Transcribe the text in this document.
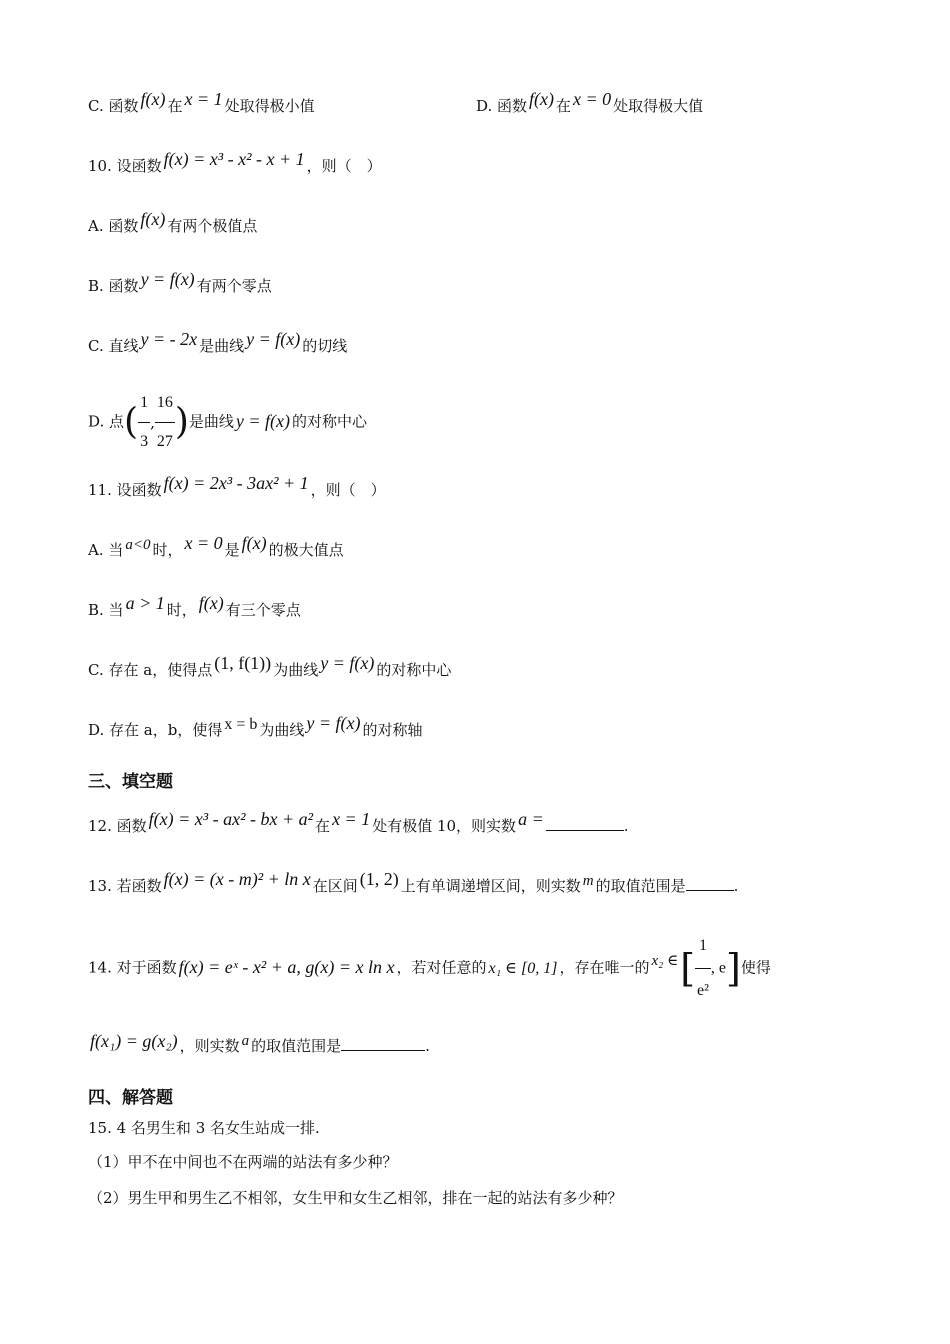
C. 函数 f(x) 在 x = 1 处取得极小值	D. 函数 f(x) 在 x = 0 处取得极大值
10. 设函数 f(x) = x³ - x² - x + 1 ，则（　）
A. 函数 f(x) 有两个极值点
B. 函数 y = f(x) 有两个零点
C. 直线 y = - 2x 是曲线 y = f(x) 的切线
D. 点( $\frac{1}{3}$ , $\frac{16}{27}$ )是曲线 y = f(x) 的对称中心
11. 设函数 f(x) = 2x³ - 3ax² + 1 ，则（　）
A. 当 a<0 时， x = 0 是 f(x) 的极大值点
B. 当 a > 1 时， f(x) 有三个零点
C. 存在 a，使得点 (1, f(1)) 为曲线 y = f(x) 的对称中心
D. 存在 a，b，使得 x = b 为曲线 y = f(x) 的对称轴
三、填空题
12. 函数 f(x) = x³ - ax² - bx + a² 在 x = 1 处有极值 10，则实数 a =	.
13. 若函数 f(x) = (x - m)² + ln x 在区间 (1, 2) 上有单调递增区间，则实数 m 的取值范围是	.
14. 对于函数 f(x) = eˣ - x² + a, g(x) = x ln x ，若对任意的 x₁ ∈ [0, 1] ，存在唯一的 x₂ ∈[ $\frac{1}{\text{e²}}$ , e]使得
f(x₁) = g(x₂) ，则实数 a 的取值范围是	.
四、解答题
15. 4 名男生和 3 名女生站成一排.
（1）甲不在中间也不在两端的站法有多少种？
（2）男生甲和男生乙不相邻，女生甲和女生乙相邻，排在一起的站法有多少种？
